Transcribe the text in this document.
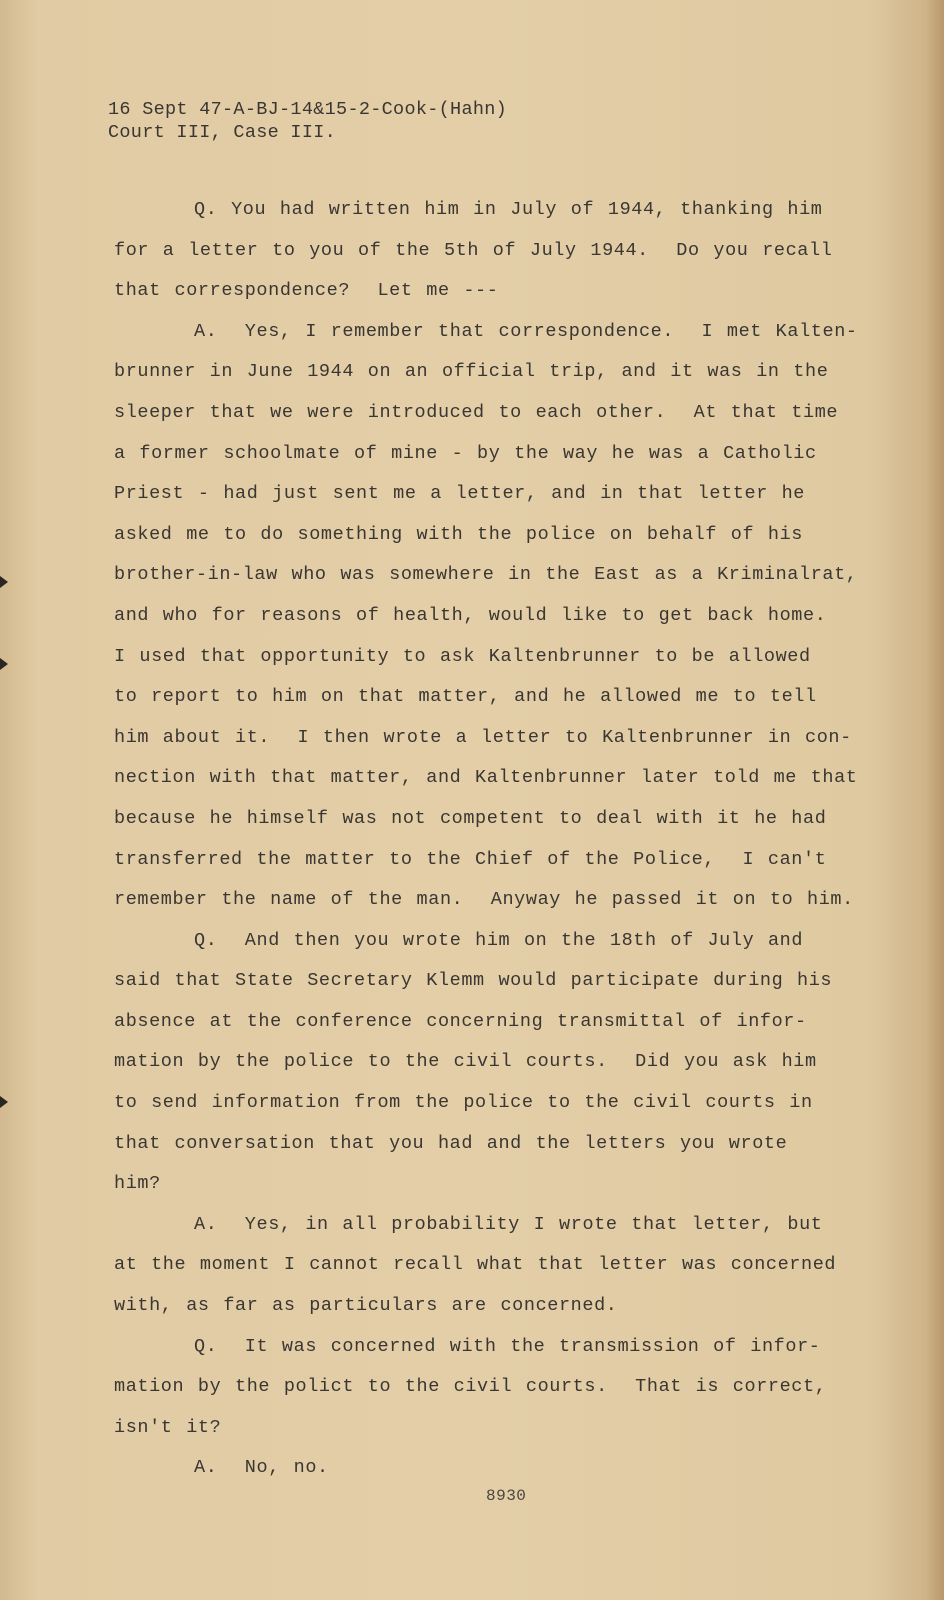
16 Sept 47-A-BJ-14&15-2-Cook-(Hahn)
Court III, Case III.
Q. You had written him in July of 1944, thanking him
for a letter to you of the 5th of July 1944.  Do you recall
that correspondence?  Let me ---
A.  Yes, I remember that correspondence.  I met Kalten-
brunner in June 1944 on an official trip, and it was in the
sleeper that we were introduced to each other.  At that time
a former schoolmate of mine - by the way he was a Catholic
Priest - had just sent me a letter, and in that letter he
asked me to do something with the police on behalf of his
brother-in-law who was somewhere in the East as a Kriminalrat,
and who for reasons of health, would like to get back home.
I used that opportunity to ask Kaltenbrunner to be allowed
to report to him on that matter, and he allowed me to tell
him about it.  I then wrote a letter to Kaltenbrunner in con-
nection with that matter, and Kaltenbrunner later told me that
because he himself was not competent to deal with it he had
transferred the matter to the Chief of the Police,  I can't
remember the name of the man.  Anyway he passed it on to him.
Q.  And then you wrote him on the 18th of July and
said that State Secretary Klemm would participate during his
absence at the conference concerning transmittal of infor-
mation by the police to the civil courts.  Did you ask him
to send information from the police to the civil courts in
that conversation that you had and the letters you wrote
him?
A.  Yes, in all probability I wrote that letter, but
at the moment I cannot recall what that letter was concerned
with, as far as particulars are concerned.
Q.  It was concerned with the transmission of infor-
mation by the polict to the civil courts.  That is correct,
isn't it?
A.  No, no.
8930
